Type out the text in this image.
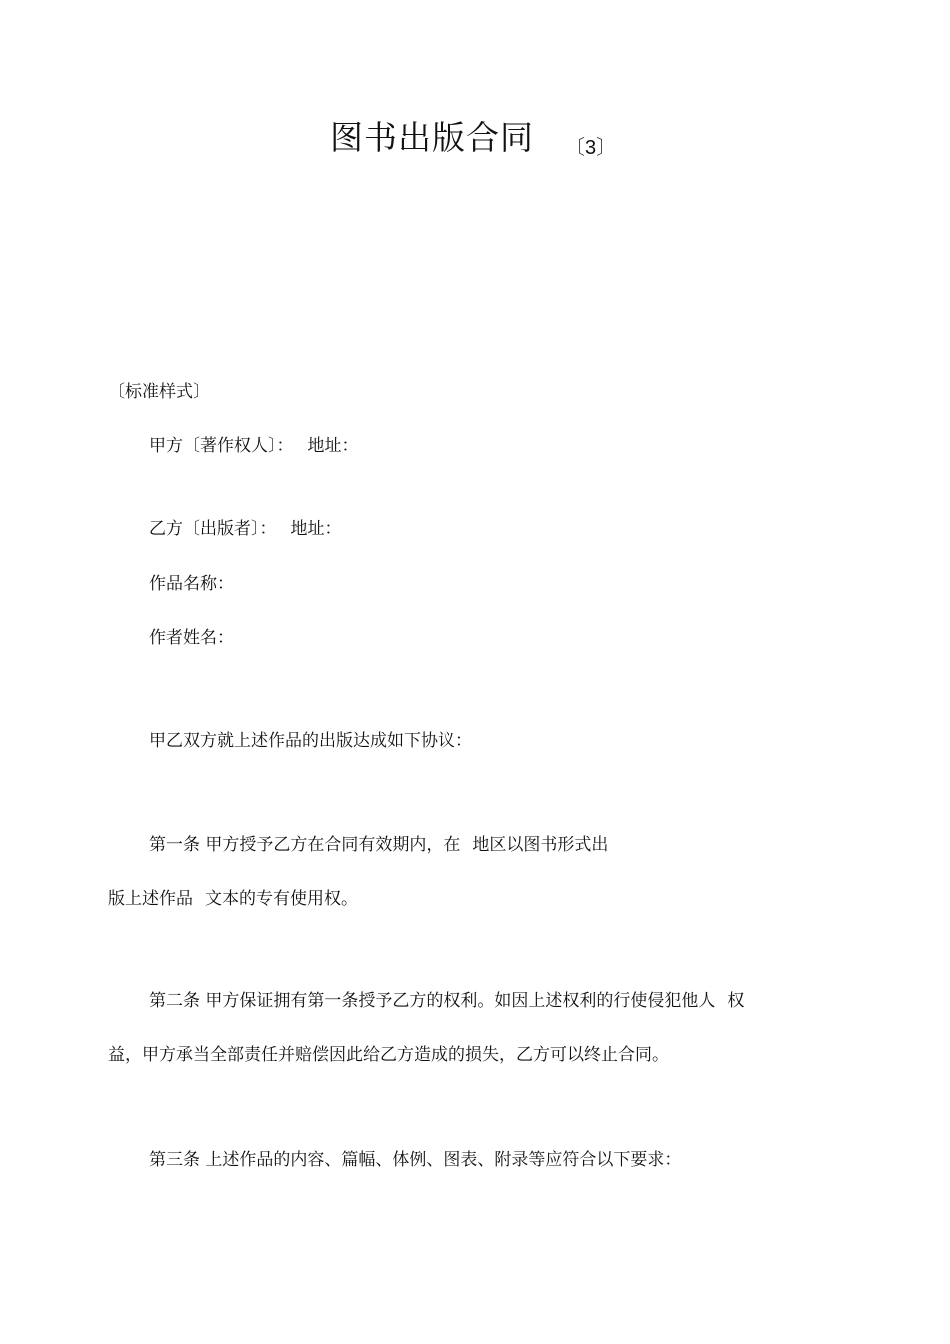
图书出版合同 〔3〕
〔标准样式〕
甲方〔著作权人〕： 地址：
乙方〔出版者〕： 地址：
作品名称：
作者姓名：
甲乙双方就上述作品的出版达成如下协议：
第一条 甲方授予乙方在合同有效期内，在 地区以图书形式出
版上述作品 文本的专有使用权。
第二条 甲方保证拥有第一条授予乙方的权利。如因上述权利的行使侵犯他人 权
益，甲方承当全部责任并赔偿因此给乙方造成的损失，乙方可以终止合同。
第三条 上述作品的内容、篇幅、体例、图表、附录等应符合以下要求：
